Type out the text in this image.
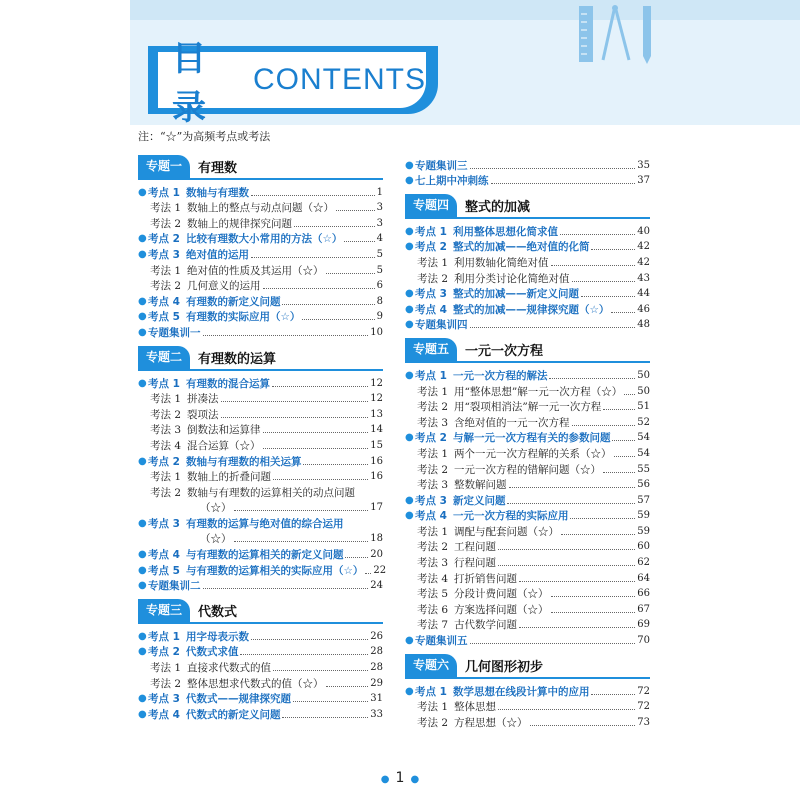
目录
CONTENTS
注：“☆”为高频考点或考法
专题一	有理数
● 考点 1 数轴与有理数	1
考法 1 数轴上的整点与动点问题（☆）	3
考法 2 数轴上的规律探究问题	3
● 考点 2 比较有理数大小常用的方法（☆）	4
● 考点 3 绝对值的运用	5
考法 1 绝对值的性质及其运用（☆）	5
考法 2 几何意义的运用	6
● 考点 4 有理数的新定义问题	8
● 考点 5 有理数的实际应用（☆）	9
● 专题集训一	10
专题二	有理数的运算
● 考点 1 有理数的混合运算	12
考法 1 拼凑法	12
考法 2 裂项法	13
考法 3 倒数法和运算律	14
考法 4 混合运算（☆）	15
● 考点 2 数轴与有理数的相关运算	16
考法 1 数轴上的折叠问题	16
考法 2 数轴与有理数的运算相关的动点问题
（☆）	17
● 考点 3 有理数的运算与绝对值的综合运用
（☆）	18
● 考点 4 与有理数的运算相关的新定义问题	20
● 考点 5 与有理数的运算相关的实际应用（☆） 22
● 专题集训二	24
专题三	代数式
● 考点 1 用字母表示数	26
● 考点 2 代数式求值	28
考法 1 直接求代数式的值	28
考法 2 整体思想求代数式的值（☆）	29
● 考点 3 代数式——规律探究题	31
● 考点 4 代数式的新定义问题	33
● 专题集训三	35
● 七上期中冲刺练	37
专题四	整式的加减
● 考点 1 利用整体思想化简求值	40
● 考点 2 整式的加减——绝对值的化简	42
考法 1 利用数轴化简绝对值	42
考法 2 利用分类讨论化简绝对值	43
● 考点 3 整式的加减——新定义问题	44
● 考点 4 整式的加减——规律探究题（☆）	46
● 专题集训四	48
专题五	一元一次方程
● 考点 1 一元一次方程的解法	50
考法 1 用“整体思想”解一元一次方程（☆） 50
考法 2 用“裂项相消法”解一元一次方程	51
考法 3 含绝对值的一元一次方程	52
● 考点 2 与解一元一次方程有关的参数问题	54
考法 1 两个一元一次方程解的关系（☆）	54
考法 2 一元一次方程的错解问题（☆）	55
考法 3 整数解问题	56
● 考点 3 新定义问题	57
● 考点 4 一元一次方程的实际应用	59
考法 1 调配与配套问题（☆）	59
考法 2 工程问题	60
考法 3 行程问题	62
考法 4 打折销售问题	64
考法 5 分段计费问题（☆）	66
考法 6 方案选择问题（☆）	67
考法 7 古代数学问题	69
● 专题集训五	70
专题六	几何图形初步
● 考点 1 数学思想在线段计算中的应用	72
考法 1 整体思想	72
考法 2 方程思想（☆）	73
● 1 ●
